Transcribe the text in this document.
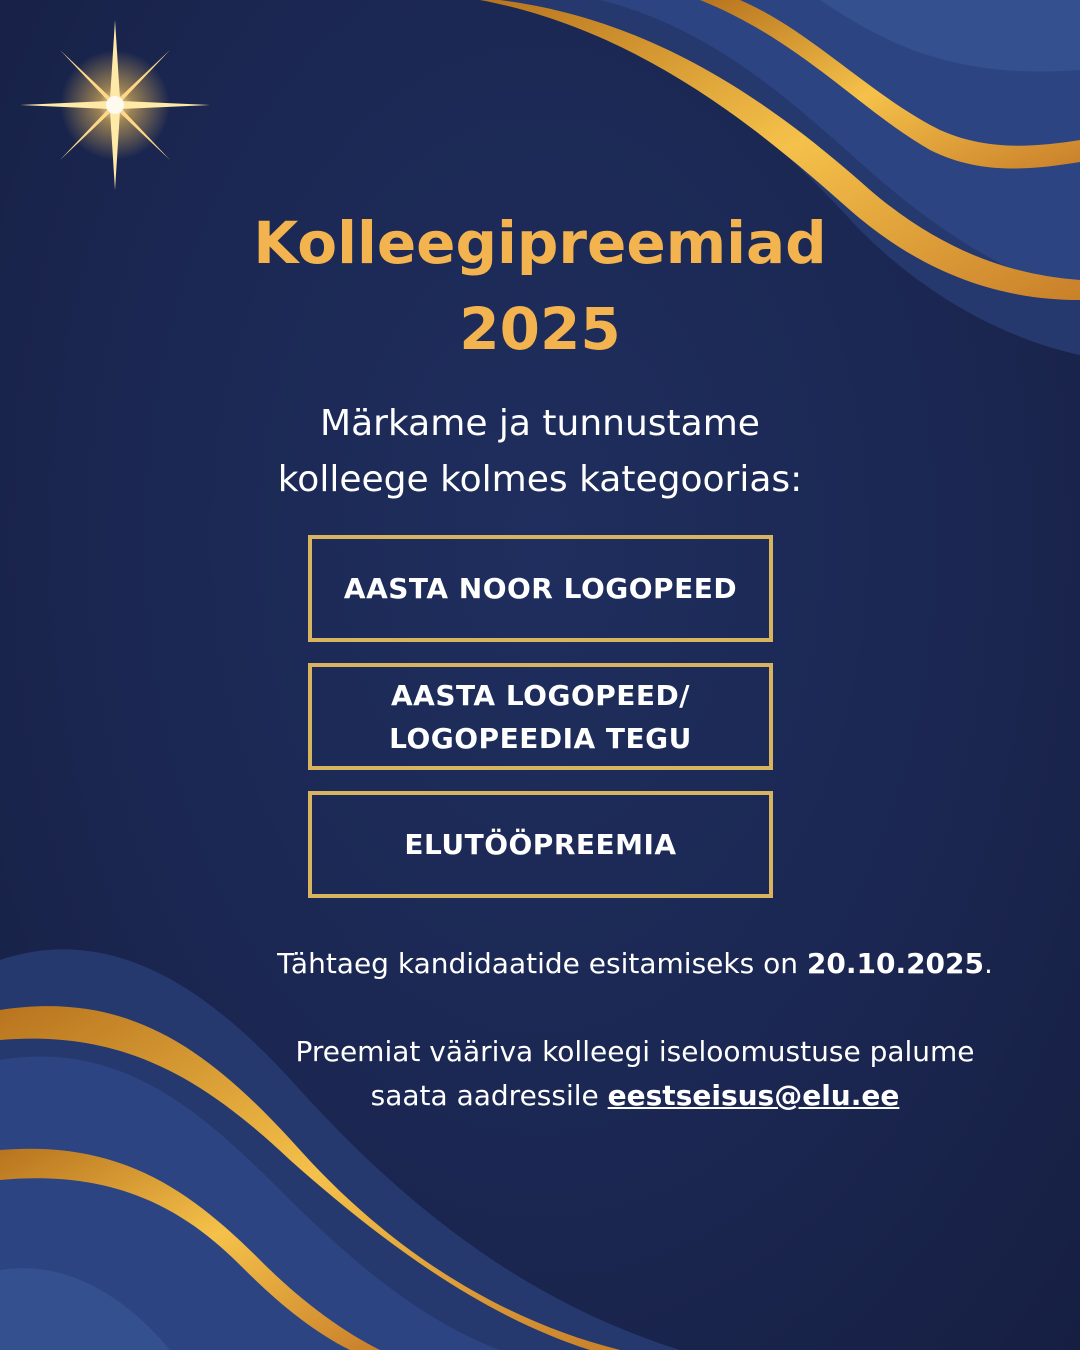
Kolleegipreemiad
2025

Märkame ja tunnustame
kolleege kolmes kategoorias:

AASTA NOOR LOGOPEED
AASTA LOGOPEED/
LOGOPEEDIA TEGU
ELUTÖÖPREEMIA

Tähtaeg kandidaatide esitamiseks on 20.10.2025.

Preemiat vääriva kolleegi iseloomustuse palume
saata aadressile eestseisus@elu.ee
